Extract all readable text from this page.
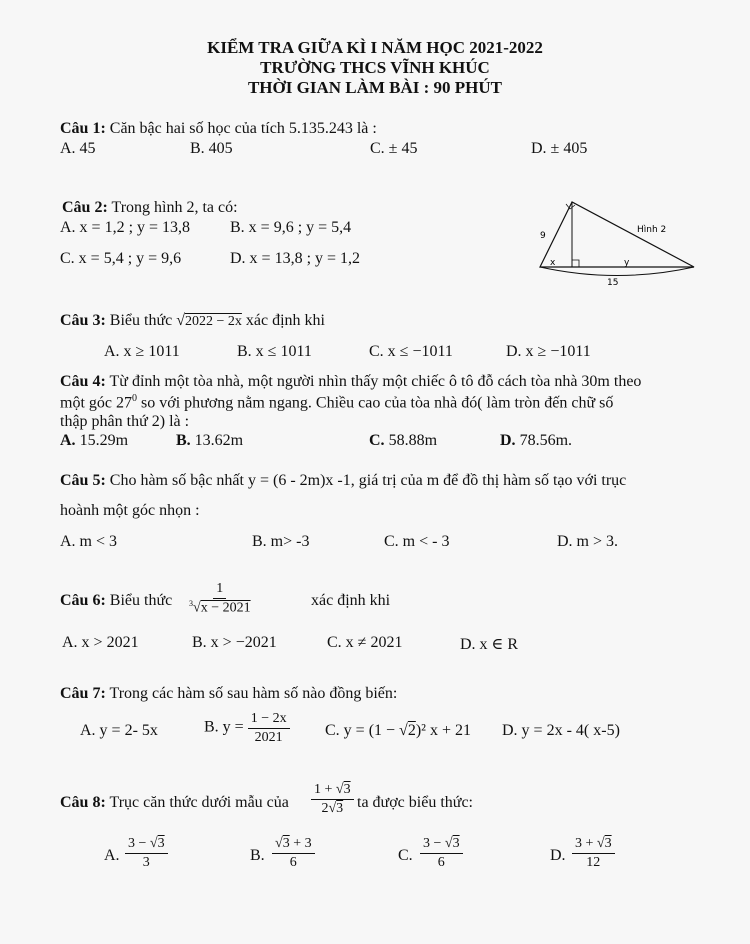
KIỂM TRA GIỮA KÌ I NĂM HỌC 2021-2022
TRƯỜNG THCS VĨNH KHÚC
THỜI GIAN LÀM BÀI : 90 PHÚT
Câu 1: Căn bậc hai số học của tích 5.135.243 là :
A. 45	B. 405	C. ± 45	D. ± 405
Câu 2: Trong hình 2, ta có:
A. x = 1,2 ; y = 13,8 B. x = 9,6 ; y = 5,4
C. x = 5,4 ; y = 9,6	D. x = 13,8 ; y = 1,2
Hình 2
9
x	y
15
Câu 3: Biểu thức √2022 − 2x xác định khi
A. x ≥ 1011	B. x ≤ 1011	C. x ≤ −1011	D. x ≥ −1011
Câu 4: Từ đỉnh một tòa nhà, một người nhìn thấy một chiếc ô tô đỗ cách tòa nhà 30m theo
một góc $27^0$ so với phương nằm ngang. Chiều cao của tòa nhà đó( làm tròn đến chữ số
thập phân thứ 2) là :
A. 15.29m	B. 13.62m	C. 58.88m	D. 78.56m.
Câu 5: Cho hàm số bậc nhất y = (6 - 2m)x -1, giá trị của m để đồ thị hàm số tạo với trục
hoành một góc nhọn :
A. m < 3	B. m> -3	C. m < - 3	D. m > 3.
Câu 6: Biểu thức $\frac{1}{^3√x - 2021}$	xác định khi
A. x > 2021	B. x > −2021	C. x ≠ 2021	D. x ∈ R
Câu 7: Trong các hàm số sau hàm số nào đồng biến:
A. y = 2- 5x	B. $y = \frac{1 - 2x}{2021} C$. y = (1 − √2)² x + 21 D. y = 2x - 4( x-5)
Câu 8: Trục căn thức dưới mẫu của $\frac{1 + √3}{2√3}$ ta được biểu thức:
A. $\frac{3 - √3}{3}$	B. $\frac{√3 + 3}{6}$	C. $\frac{3 - √3}{6}$	D. $\frac{3 + √3}{12}$
